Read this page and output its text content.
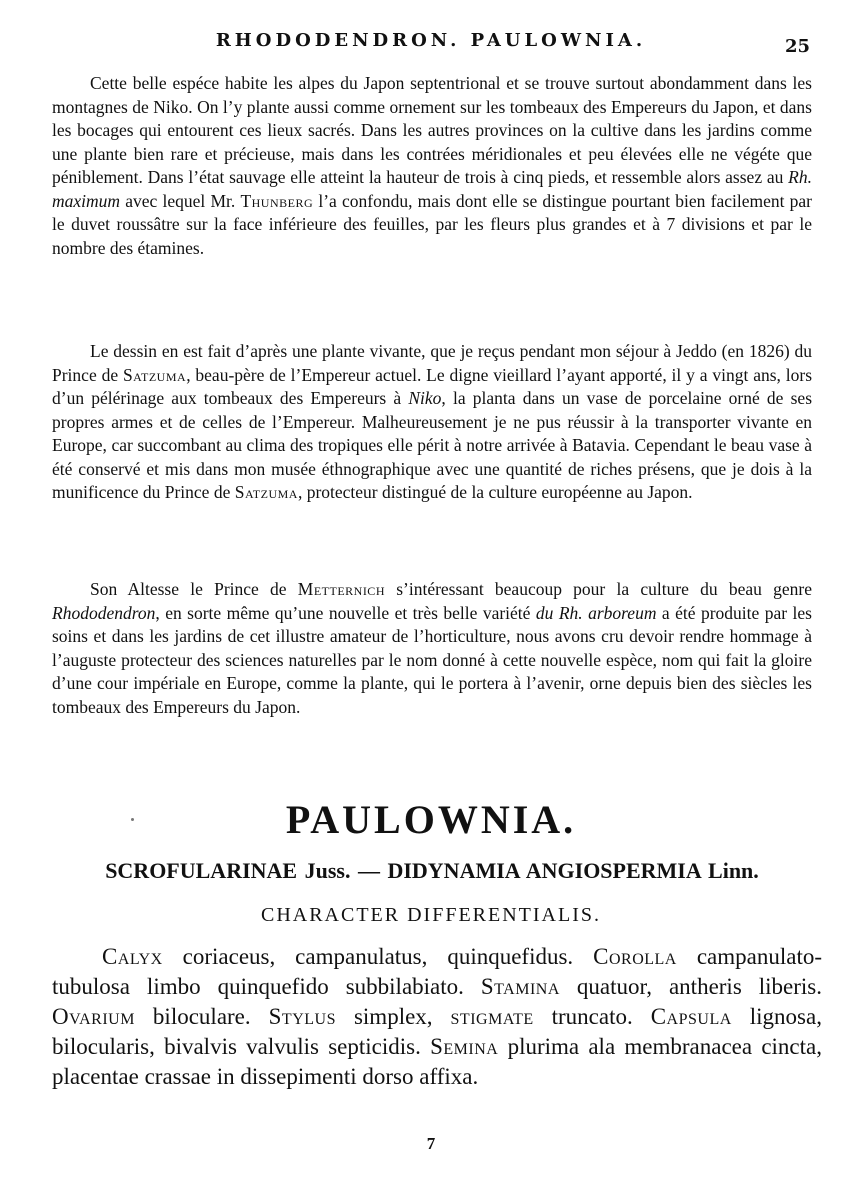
RHODODENDRON. PAULOWNIA.	25

Cette belle espéce habite les alpes du Japon septentrional et se trouve surtout abondamment dans les montagnes de Niko. On l’y plante aussi comme ornement sur les tombeaux des Empereurs du Japon, et dans les bocages qui entourent ces lieux sacrés. Dans les autres provinces on la cultive dans les jardins comme une plante bien rare et précieuse, mais dans les contrées méridionales et peu élevées elle ne végéte que péniblement. Dans l’état sauvage elle atteint la hauteur de trois à cinq pieds, et ressemble alors assez au Rh. maximum avec lequel Mr. Thunberg l’a confondu, mais dont elle se distingue pourtant bien facilement par le duvet roussâtre sur la face inférieure des feuilles, par les fleurs plus grandes et à 7 divisions et par le nombre des étamines.

Le dessin en est fait d’après une plante vivante, que je reçus pendant mon séjour à Jeddo (en 1826) du Prince de Satzuma, beau-père de l’Empereur actuel. Le digne vieillard l’ayant apporté, il y a vingt ans, lors d’un pélérinage aux tombeaux des Empereurs à Niko, la planta dans un vase de porcelaine orné de ses propres armes et de celles de l’Empereur. Malheureusement je ne pus réussir à la transporter vivante en Europe, car succombant au clima des tropiques elle périt à notre arrivée à Batavia. Cependant le beau vase à été conservé et mis dans mon musée éthnographique avec une quantité de riches présens, que je dois à la munificence du Prince de Satzuma, protecteur distingué de la culture européenne au Japon.

Son Altesse le Prince de Metternich s’intéressant beaucoup pour la culture du beau genre Rhododendron, en sorte même qu’une nouvelle et très belle variété du Rh. arboreum a été produite par les soins et dans les jardins de cet illustre amateur de l’horticulture, nous avons cru devoir rendre hommage à l’auguste protecteur des sciences naturelles par le nom donné à cette nouvelle espèce, nom qui fait la gloire d’une cour impériale en Europe, comme la plante, qui le portera à l’avenir, orne depuis bien des siècles les tombeaux des Empereurs du Japon.

PAULOWNIA.
SCROFULARINAE Juss. — DIDYNAMIA ANGIOSPERMIA Linn.
CHARACTER DIFFERENTIALIS.

Calyx coriaceus, campanulatus, quinquefidus. Corolla campanulato-tubulosa limbo quinquefido subbilabiato. Stamina quatuor, antheris liberis. Ovarium biloculare. Stylus simplex, stigmate truncato. Capsula lignosa, bilocularis, bivalvis valvulis septicidis. Semina plurima ala membranacea cincta, placentae crassae in dissepimenti dorso affixa.

7
